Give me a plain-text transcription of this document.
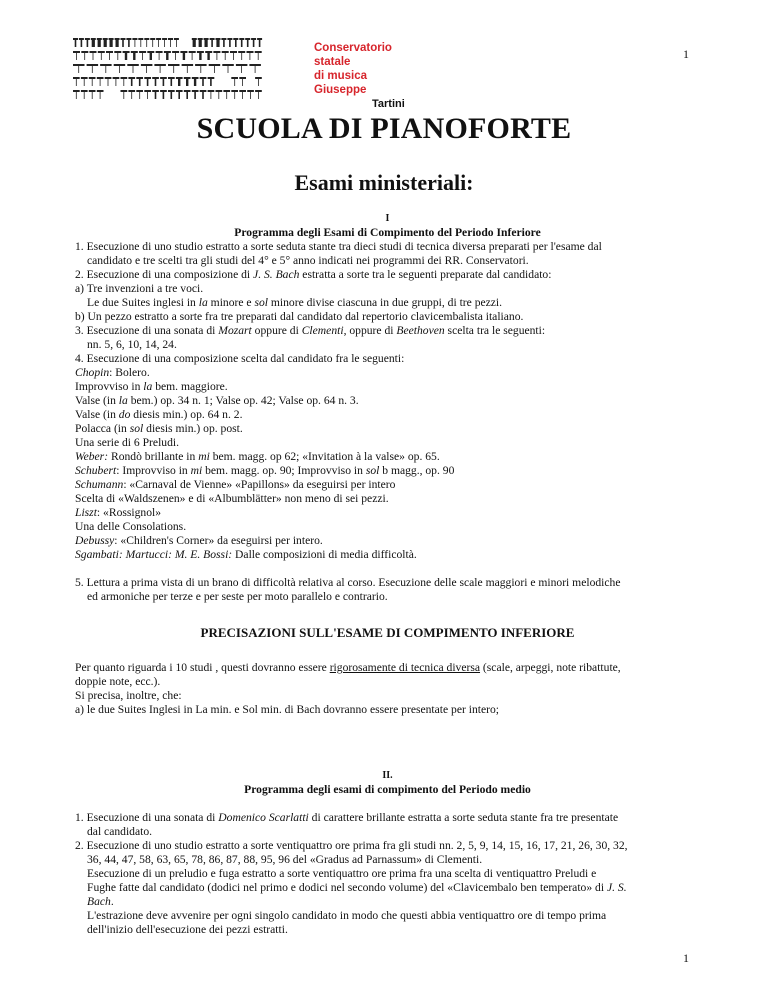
Conservatorio
statale
di musica
Giuseppe
Tartini
1
SCUOLA DI PIANOFORTE
Esami ministeriali:
I
Programma degli Esami di Compimento del Periodo Inferiore
1. Esecuzione di uno studio estratto a sorte seduta stante tra dieci studi di tecnica diversa preparati per l'esame dal
candidato e tre scelti tra gli studi del 4° e 5° anno indicati nei programmi dei RR. Conservatori.
2. Esecuzione di una composizione di J. S. Bach estratta a sorte tra le seguenti preparate dal candidato:
a) Tre invenzioni a tre voci.
Le due Suites inglesi in la minore e sol minore divise ciascuna in due gruppi, di tre pezzi.
b) Un pezzo estratto a sorte fra tre preparati dal candidato dal repertorio clavicembalista italiano.
3. Esecuzione di una sonata di Mozart oppure di Clementi, oppure di Beethoven scelta tra le seguenti:
nn. 5, 6, 10, 14, 24.
4. Esecuzione di una composizione scelta dal candidato fra le seguenti:
Chopin: Bolero.
Improvviso in la bem. maggiore.
Valse (in la bem.) op. 34 n. 1; Valse op. 42; Valse op. 64 n. 3.
Valse (in do diesis min.) op. 64 n. 2.
Polacca (in sol diesis min.) op. post.
Una serie di 6 Preludi.
Weber: Rondò brillante in mi bem. magg. op 62; «Invitation à la valse» op. 65.
Schubert: Improvviso in mi bem. magg. op. 90; Improvviso in sol b magg., op. 90
Schumann: «Carnaval de Vienne» «Papillons» da eseguirsi per intero
Scelta di «Waldszenen» e di «Albumblätter» non meno di sei pezzi.
Liszt: «Rossignol»
Una delle Consolations.
Debussy: «Children's Corner» da eseguirsi per intero.
Sgambati: Martucci: M. E. Bossi: Dalle composizioni di media difficoltà.
5. Lettura a prima vista di un brano di difficoltà relativa al corso. Esecuzione delle scale maggiori e minori melodiche
ed armoniche per terze e per seste per moto parallelo e contrario.
PRECISAZIONI SULL'ESAME DI COMPIMENTO INFERIORE
Per quanto riguarda i 10 studi , questi dovranno essere rigorosamente di tecnica diversa (scale, arpeggi, note ribattute,
doppie note, ecc.).
Si precisa, inoltre, che:
a) le due Suites Inglesi in La min. e Sol min. di Bach dovranno essere presentate per intero;
II.
Programma degli esami di compimento del Periodo medio
1. Esecuzione di una sonata di Domenico Scarlatti di carattere brillante estratta a sorte seduta stante fra tre presentate
dal candidato.
2. Esecuzione di uno studio estratto a sorte ventiquattro ore prima fra gli studi nn. 2, 5, 9, 14, 15, 16, 17, 21, 26, 30, 32,
36, 44, 47, 58, 63, 65, 78, 86, 87, 88, 95, 96 del «Gradus ad Parnassum» di Clementi.
Esecuzione di un preludio e fuga estratto a sorte ventiquattro ore prima fra una scelta di ventiquattro Preludi e
Fughe fatte dal candidato (dodici nel primo e dodici nel secondo volume) del «Clavicembalo ben temperato» di J. S.
Bach.
L'estrazione deve avvenire per ogni singolo candidato in modo che questi abbia ventiquattro ore di tempo prima
dell'inizio dell'esecuzione dei pezzi estratti.
1
